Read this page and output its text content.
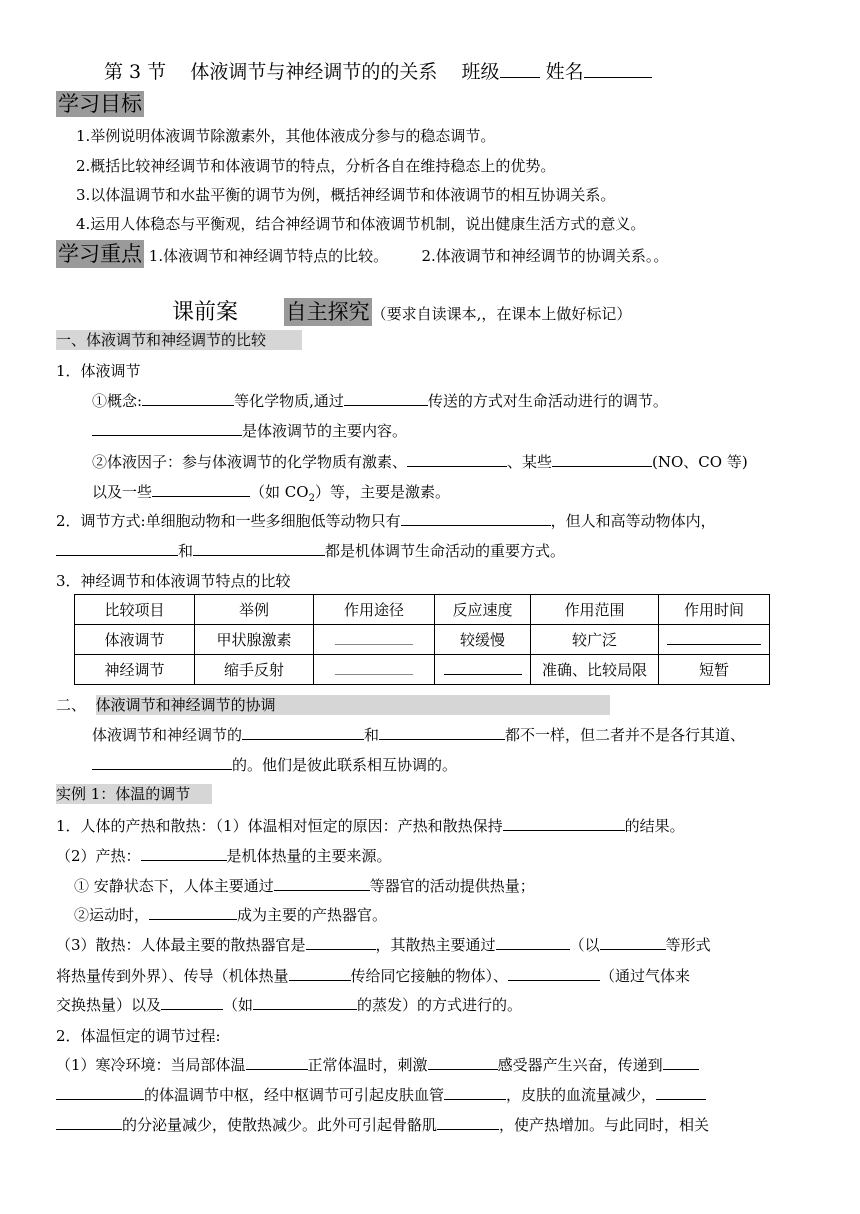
第 3 节 体液调节与神经调节的的关系 班级 姓名
学习目标
1.举例说明体液调节除激素外，其他体液成分参与的稳态调节。
2.概括比较神经调节和体液调节的特点，分析各自在维持稳态上的优势。
3.以体温调节和水盐平衡的调节为例，概括神经调节和体液调节的相互协调关系。
4.运用人体稳态与平衡观，结合神经调节和体液调节机制，说出健康生活方式的意义。
学习重点 1.体液调节和神经调节特点的比较。 2.体液调节和神经调节的协调关系。。
课前案 自主探究 （要求自读课本,，在课本上做好标记）
一、体液调节和神经调节的比较
1．体液调节
①概念:	等化学物质,通过	传送的方式对生命活动进行的调节。
是体液调节的主要内容。
②体液因子：参与体液调节的化学物质有激素、	、某些	(NO、CO 等)
以及一些	（如 $CO_2$）等，主要是激素。
2．调节方式:单细胞动物和一些多细胞低等动物只有	，但人和高等动物体内，
和	都是机体调节生命活动的重要方式。
3．神经调节和体液调节特点的比较
比较项目	举例	作用途径	反应速度	作用范围	作用时间
体液调节	甲状腺激素		较缓慢	较广泛	
神经调节	缩手反射			准确、比较局限	短暂
二、 体液调节和神经调节的协调
体液调节和神经调节的	和	都不一样，但二者并不是各行其道、
的。他们是彼此联系相互协调的。
实例 1：体温的调节
1．人体的产热和散热：（1）体温相对恒定的原因：产热和散热保持	的结果。
（2）产热：	是机体热量的主要来源。
① 安静状态下，人体主要通过	等器官的活动提供热量；
②运动时，	成为主要的产热器官。
（3）散热：人体最主要的散热器官是	，其散热主要通过	（以	等形式
将热量传到外界）、传导（机体热量	传给同它接触的物体）、	（通过气体来
交换热量）以及	（如	的蒸发）的方式进行的。
2．体温恒定的调节过程:
（1）寒冷环境：当局部体温	正常体温时，刺激	感受器产生兴奋，传递到
的体温调节中枢，经中枢调节可引起皮肤血管	，皮肤的血流量减少，
的分泌量减少，使散热减少。此外可引起骨骼肌	，使产热增加。与此同时，相关
